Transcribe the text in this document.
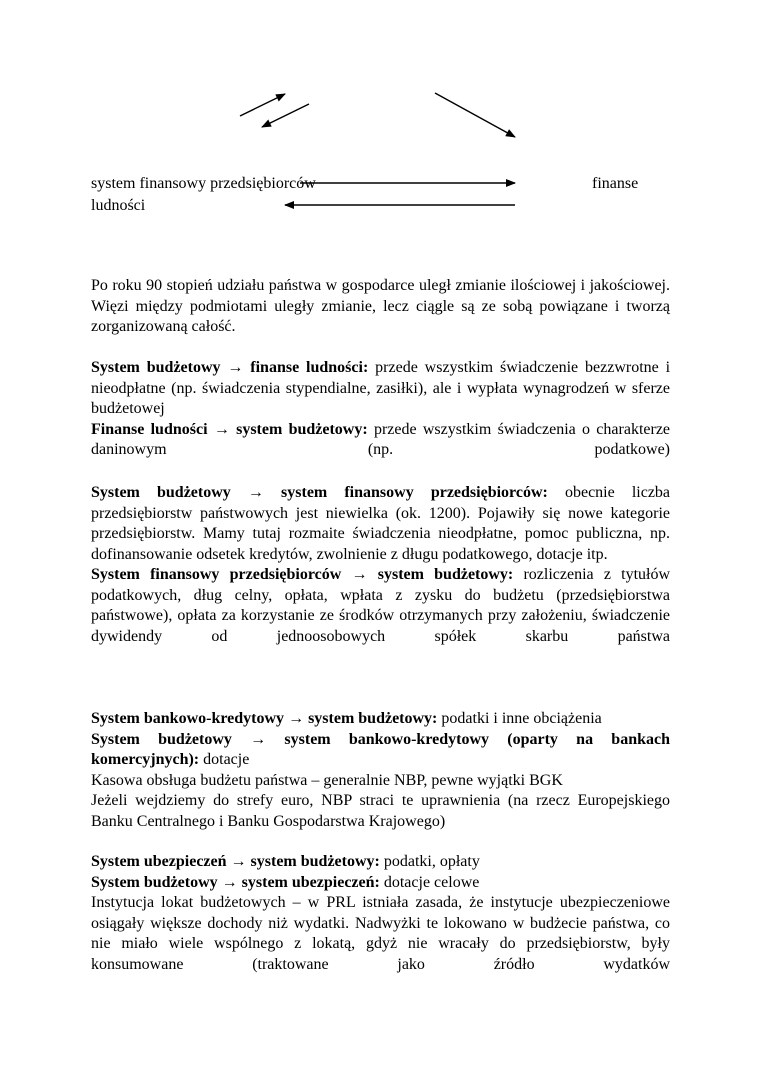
system finansowy przedsiębiorców	finanse
ludności
Po roku 90 stopień udziału państwa w gospodarce uległ zmianie ilościowej i jakościowej. Więzi między podmiotami uległy zmianie, lecz ciągle są ze sobą powiązane i tworzą zorganizowaną całość.
System budżetowy → finanse ludności: przede wszystkim świadczenie bezzwrotne i nieodpłatne (np. świadczenia stypendialne, zasiłki), ale i wypłata wynagrodzeń w sferze budżetowej
Finanse ludności → system budżetowy: przede wszystkim świadczenia o charakterze daninowym (np. podatkowe)
System budżetowy → system finansowy przedsiębiorców: obecnie liczba przedsiębiorstw państwowych jest niewielka (ok. 1200). Pojawiły się nowe kategorie przedsiębiorstw. Mamy tutaj rozmaite świadczenia nieodpłatne, pomoc publiczna, np. dofinansowanie odsetek kredytów, zwolnienie z długu podatkowego, dotacje itp.
System finansowy przedsiębiorców → system budżetowy: rozliczenia z tytułów podatkowych, dług celny, opłata, wpłata z zysku do budżetu (przedsiębiorstwa państwowe), opłata za korzystanie ze środków otrzymanych przy założeniu, świadczenie dywidendy od jednoosobowych spółek skarbu państwa
System bankowo-kredytowy → system budżetowy: podatki i inne obciążenia
System budżetowy → system bankowo-kredytowy (oparty na bankach komercyjnych): dotacje
Kasowa obsługa budżetu państwa – generalnie NBP, pewne wyjątki BGK
Jeżeli wejdziemy do strefy euro, NBP straci te uprawnienia (na rzecz Europejskiego Banku Centralnego i Banku Gospodarstwa Krajowego)
System ubezpieczeń → system budżetowy: podatki, opłaty
System budżetowy → system ubezpieczeń: dotacje celowe
Instytucja lokat budżetowych – w PRL istniała zasada, że instytucje ubezpieczeniowe osiągały większe dochody niż wydatki. Nadwyżki te lokowano w budżecie państwa, co nie miało wiele wspólnego z lokatą, gdyż nie wracały do przedsiębiorstw, były konsumowane (traktowane jako źródło wydatków
